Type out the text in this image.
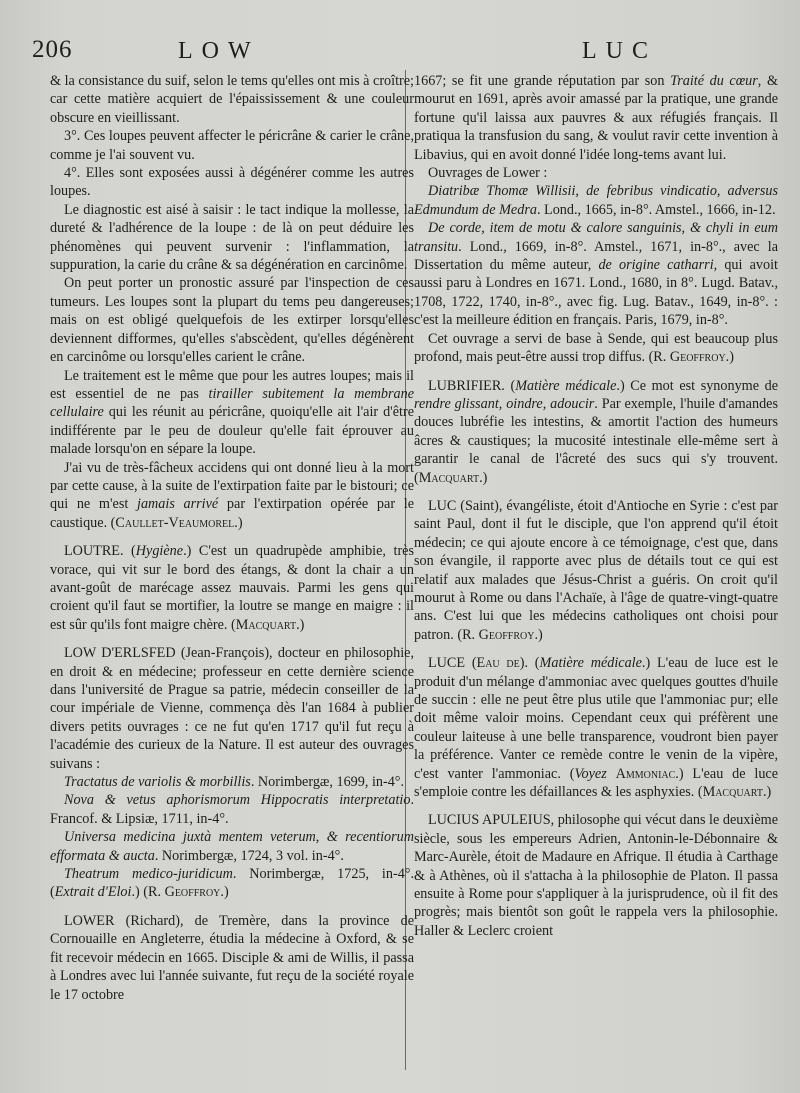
206	LOW	LUC

& la consistance du suif, selon le tems qu'elles ont mis à croître; car cette matière acquiert de l'épaississement & une couleur obscure en vieillissant.

3°. Ces loupes peuvent affecter le péricrâne & carier le crâne, comme je l'ai souvent vu.

4°. Elles sont exposées aussi à dégénérer comme les autres loupes.

Le diagnostic est aisé à saisir : le tact indique la mollesse, la dureté & l'adhérence de la loupe : de là on peut déduire les phénomènes qui peuvent survenir : l'inflammation, la suppuration, la carie du crâne & sa dégénération en carcinôme.

On peut porter un pronostic assuré par l'inspection de ces tumeurs. Les loupes sont la plupart du tems peu dangereuses; mais on est obligé quelquefois de les extirper lorsqu'elles deviennent difformes, qu'elles s'abscèdent, qu'elles dégénèrent en carcinôme ou lorsqu'elles carient le crâne.

Le traitement est le même que pour les autres loupes; mais il est essentiel de ne pas tirailler subitement la membrane cellulaire qui les réunit au péricrâne, quoiqu'elle ait l'air d'être indifférente par le peu de douleur qu'elle fait éprouver au malade lorsqu'on en sépare la loupe.

J'ai vu de très-fâcheux accidens qui ont donné lieu à la mort par cette cause, à la suite de l'extirpation faite par le bistouri; ce qui ne m'est jamais arrivé par l'extirpation opérée par le caustique. (Caullet-Veaumorel.)

LOUTRE. (Hygiène.) C'est un quadrupède amphibie, très vorace, qui vit sur le bord des étangs, & dont la chair a un avant-goût de marécage assez mauvais. Parmi les gens qui croient qu'il faut se mortifier, la loutre se mange en maigre : il est sûr qu'ils font maigre chère. (Macquart.)

LOW D'ERLSFED (Jean-François), docteur en philosophie, en droit & en médecine; professeur en cette dernière science dans l'université de Prague sa patrie, médecin conseiller de la cour impériale de Vienne, commença dès l'an 1684 à publier divers petits ouvrages : ce ne fut qu'en 1717 qu'il fut reçu à l'académie des curieux de la Nature. Il est auteur des ouvrages suivans :

Tractatus de variolis & morbillis. Norimbergæ, 1699, in-4°.

Nova & vetus aphorismorum Hippocratis interpretatio. Francof. & Lipsiæ, 1711, in-4°.

Universa medicina juxtà mentem veterum, & recentiorum efformata & aucta. Norimbergæ, 1724, 3 vol. in-4°.

Theatrum medico-juridicum. Norimbergæ, 1725, in-4°. (Extrait d'Eloi.) (R. Geoffroy.)

LOWER (Richard), de Tremère, dans la province de Cornouaille en Angleterre, étudia la médecine à Oxford, & se fit recevoir médecin en 1665. Disciple & ami de Willis, il passa à Londres avec lui l'année suivante, fut reçu de la société royale le 17 octobre

1667; se fit une grande réputation par son Traité du cœur, & mourut en 1691, après avoir amassé par la pratique, une grande fortune qu'il laissa aux pauvres & aux réfugiés français. Il pratiqua la transfusion du sang, & voulut ravir cette invention à Libavius, qui en avoit donné l'idée long-tems avant lui.

Ouvrages de Lower :

Diatribæ Thomæ Willisii, de febribus vindicatio, adversus Edmundum de Medra. Lond., 1665, in-8°. Amstel., 1666, in-12.

De corde, item de motu & calore sanguinis, & chyli in eum transitu. Lond., 1669, in-8°. Amstel., 1671, in-8°., avec la Dissertation du même auteur, de origine catharri, qui avoit aussi paru à Londres en 1671. Lond., 1680, in 8°. Lugd. Batav., 1708, 1722, 1740, in-8°., avec fig. Lug. Batav., 1649, in-8°. : c'est la meilleure édition en français. Paris, 1679, in-8°.

Cet ouvrage a servi de base à Sende, qui est beaucoup plus profond, mais peut-être aussi trop diffus. (R. Geoffroy.)

LUBRIFIER. (Matière médicale.) Ce mot est synonyme de rendre glissant, oindre, adoucir. Par exemple, l'huile d'amandes douces lubréfie les intestins, & amortit l'action des humeurs âcres & caustiques; la mucosité intestinale elle-même sert à garantir le canal de l'âcreté des sucs qui s'y trouvent. (Macquart.)

LUC (Saint), évangéliste, étoit d'Antioche en Syrie : c'est par saint Paul, dont il fut le disciple, que l'on apprend qu'il étoit médecin; ce qui ajoute encore à ce témoignage, c'est que, dans son évangile, il rapporte avec plus de détails tout ce qui est relatif aux malades que Jésus-Christ a guéris. On croit qu'il mourut à Rome ou dans l'Achaïe, à l'âge de quatre-vingt-quatre ans. C'est lui que les médecins catholiques ont choisi pour patron. (R. Geoffroy.)

LUCE (Eau de). (Matière médicale.) L'eau de luce est le produit d'un mélange d'ammoniac avec quelques gouttes d'huile de succin : elle ne peut être plus utile que l'ammoniac pur; elle doit même valoir moins. Cependant ceux qui préfèrent une couleur laiteuse à une belle transparence, voudront bien payer la préférence. Vanter ce remède contre le venin de la vipère, c'est vanter l'ammoniac. (Voyez Ammoniac.) L'eau de luce s'emploie contre les défaillances & les asphyxies. (Macquart.)

LUCIUS APULEIUS, philosophe qui vécut dans le deuxième siècle, sous les empereurs Adrien, Antonin-le-Débonnaire & Marc-Aurèle, étoit de Madaure en Afrique. Il étudia à Carthage & à Athènes, où il s'attacha à la philosophie de Platon. Il passa ensuite à Rome pour s'appliquer à la jurisprudence, où il fit des progrès; mais bientôt son goût le rappela vers la philosophie. Haller & Leclerc croient
